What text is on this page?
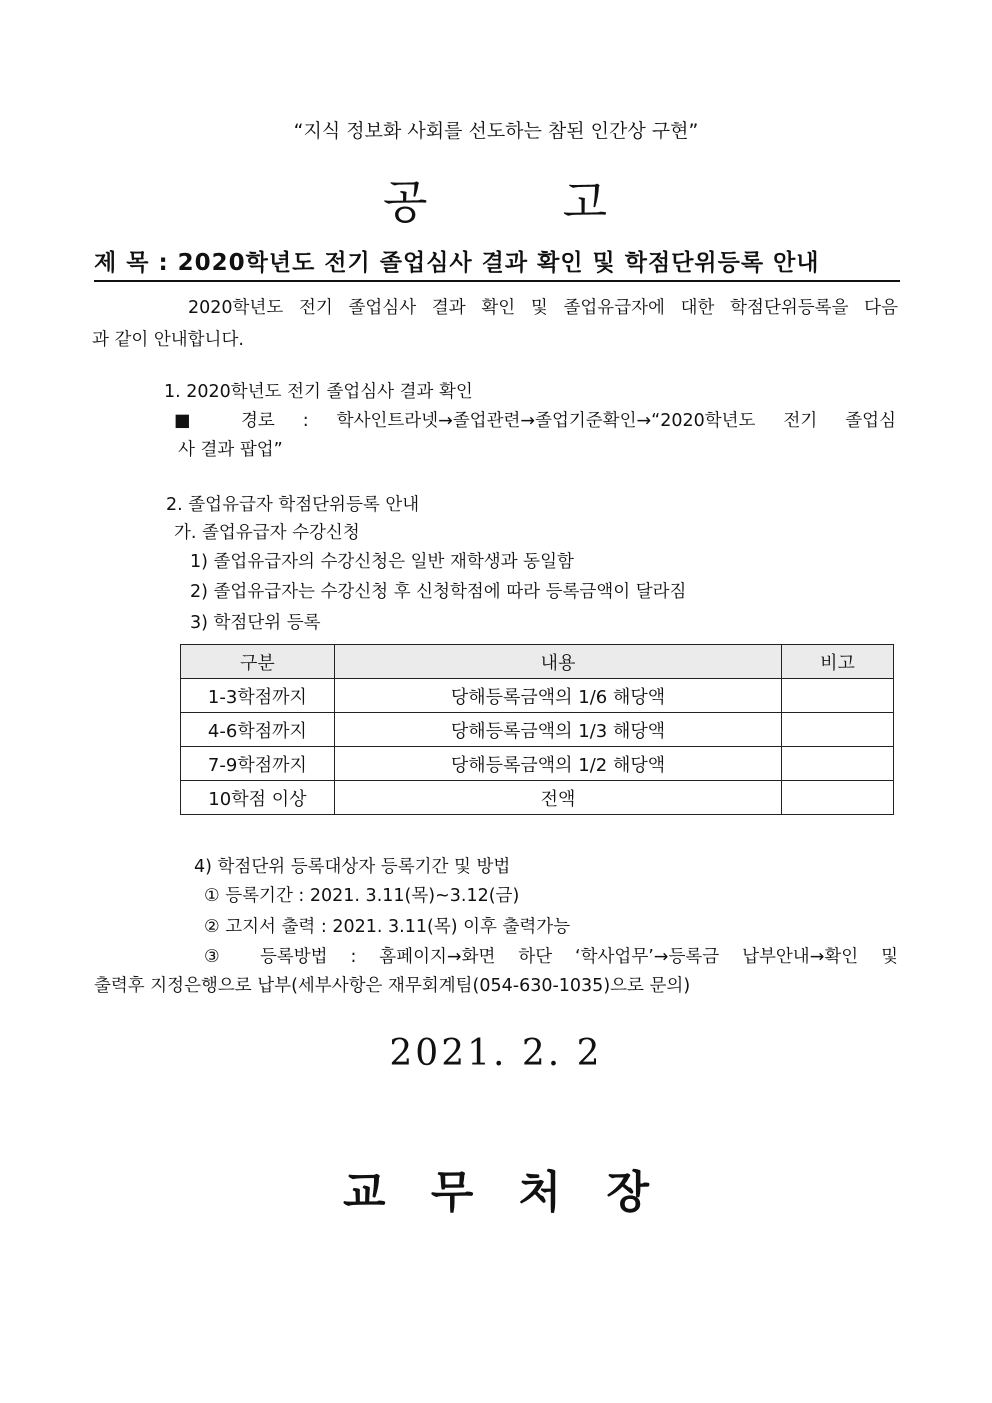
“지식 정보화 사회를 선도하는 참된 인간상 구현”
공	고
제 목 : 2020학년도 전기 졸업심사 결과 확인 및 학점단위등록 안내
2020학년도 전기 졸업심사 결과 확인 및 졸업유급자에 대한 학점단위등록을 다음
과 같이 안내합니다.
1. 2020학년도 전기 졸업심사 결과 확인
■ 경로 : 학사인트라넷→졸업관련→졸업기준확인→“2020학년도 전기 졸업심
사 결과 팝업”
2. 졸업유급자 학점단위등록 안내
가. 졸업유급자 수강신청
1) 졸업유급자의 수강신청은 일반 재학생과 동일함
2) 졸업유급자는 수강신청 후 신청학점에 따라 등록금액이 달라짐
3) 학점단위 등록
구분	내용	비고
1-3학점까지	당해등록금액의 1/6 해당액	
4-6학점까지	당해등록금액의 1/3 해당액	
7-9학점까지	당해등록금액의 1/2 해당액	
10학점 이상	전액	
4) 학점단위 등록대상자 등록기간 및 방법
① 등록기간 : 2021. 3.11(목)~3.12(금)
② 고지서 출력 : 2021. 3.11(목) 이후 출력가능
③ 등록방법 : 홈페이지→화면 하단 ‘학사업무’→등록금 납부안내→확인 및
출력후 지정은행으로 납부(세부사항은 재무회계팀(054-630-1035)으로 문의)
2021. 2. 2
교 무 처 장
